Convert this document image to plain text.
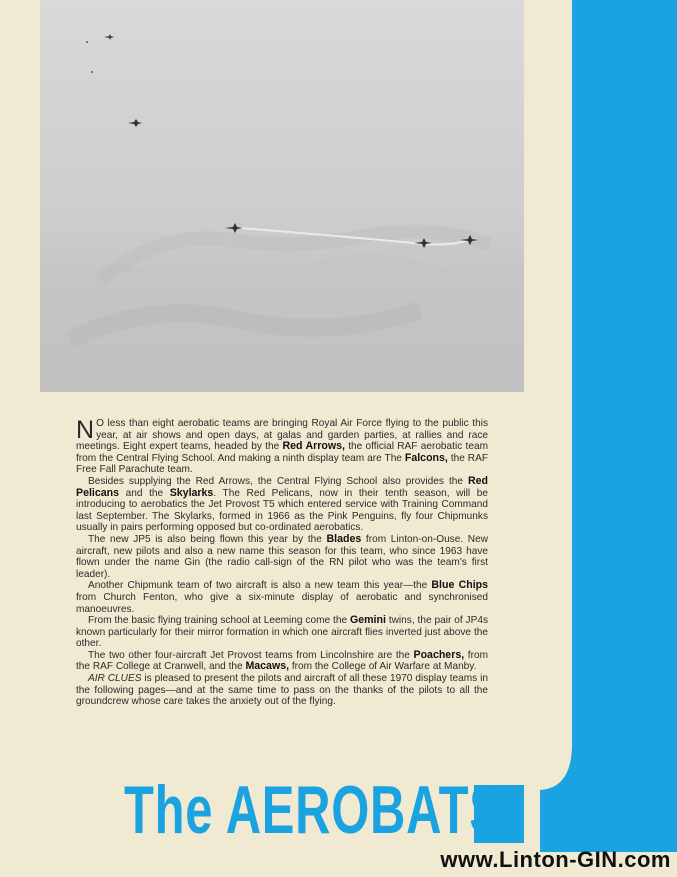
N O less than eight aerobatic teams are bringing Royal Air Force flying to the public this year, at air shows and open days, at galas and garden parties, at rallies and race meetings. Eight expert teams, headed by the Red Arrows, the official RAF aerobatic team from the Central Flying School. And making a ninth display team are The Falcons, the RAF Free Fall Parachute team.

Besides supplying the Red Arrows, the Central Flying School also provides the Red Pelicans and the Skylarks. The Red Pelicans, now in their tenth season, will be introducing to aerobatics the Jet Provost T5 which entered service with Training Command last September. The Skylarks, formed in 1966 as the Pink Penguins, fly four Chipmunks usually in pairs performing opposed but co-ordinated aerobatics.

The new JP5 is also being flown this year by the Blades from Linton-on-Ouse. New aircraft, new pilots and also a new name this season for this team, who since 1963 have flown under the name Gin (the radio call-sign of the RN pilot who was the team's first leader).

Another Chipmunk team of two aircraft is also a new team this year—the Blue Chips from Church Fenton, who give a six-minute display of aerobatic and synchronised manoeuvres.

From the basic flying training school at Leeming come the Gemini twins, the pair of JP4s known particularly for their mirror formation in which one aircraft flies inverted just above the other.

The two other four-aircraft Jet Provost teams from Lincolnshire are the Poachers, from the RAF College at Cranwell, and the Macaws, from the College of Air Warfare at Manby.

AIR CLUES is pleased to present the pilots and aircraft of all these 1970 display teams in the following pages—and at the same time to pass on the thanks of the pilots to all the groundcrew whose care takes the anxiety out of the flying.

The AEROBATS
www.Linton-GIN.com
